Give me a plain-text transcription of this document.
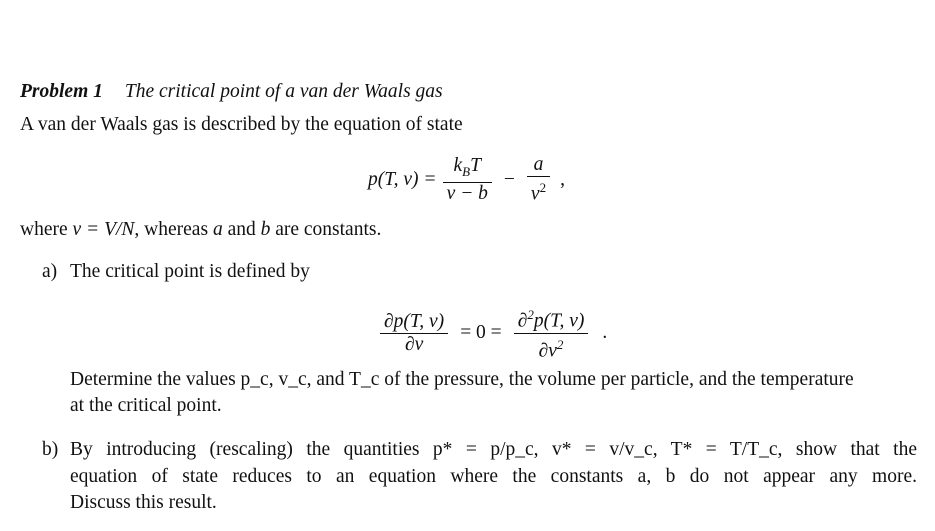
Problem 1 The critical point of a van der Waals gas
A van der Waals gas is described by the equation of state
p(T, $v) = \frac{k_BT}{v - b} - \frac{a}{v^2}$ ,
where v = V/N, whereas a and b are constants.
a) The critical point is defined by
$\frac{\partial p(T, v)}{\partial v} = 0 = \frac{\partial^2p(T, v)}{\partial v^2}$ .
Determine the values p_c, v_c, and T_c of the pressure, the volume per particle, and the temperature
at the critical point.
b) By introducing (rescaling) the quantities p* = p/p_c, v* = v/v_c, T* = T/T_c, show that the
equation of state reduces to an equation where the constants a, b do not appear any more.
Discuss this result.
